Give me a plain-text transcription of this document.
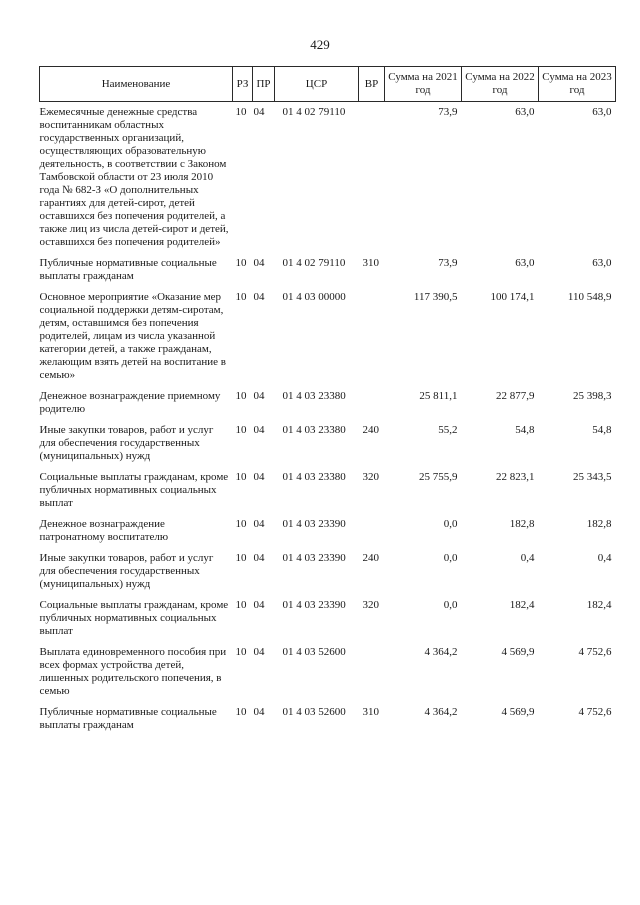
429
Наименование	РЗ	ПР	ЦСР	ВР	Сумма на 2021 год	Сумма на 2022 год	Сумма на 2023 год
Ежемесячные денежные средства воспитанникам областных государственных организаций, осуществляющих образовательную деятельность, в соответствии с Законом Тамбовской области от 23 июля 2010 года № 682-З «О дополнительных гарантиях для детей-сирот, детей оставшихся без попечения родителей, а также лиц из числа детей-сирот и детей, оставшихся без попечения родителей»	10	04	01 4 02 79110		73,9	63,0	63,0
Публичные нормативные социальные выплаты гражданам	10	04	01 4 02 79110	310	73,9	63,0	63,0
Основное мероприятие «Оказание мер социальной поддержки детям-сиротам, детям, оставшимся без попечения родителей, лицам из числа указанной категории детей, а также гражданам, желающим взять детей на воспитание в семью»	10	04	01 4 03 00000		117 390,5	100 174,1	110 548,9
Денежное вознаграждение приемному родителю	10	04	01 4 03 23380		25 811,1	22 877,9	25 398,3
Иные закупки товаров, работ и услуг для обеспечения государственных (муниципальных) нужд	10	04	01 4 03 23380	240	55,2	54,8	54,8
Социальные выплаты гражданам, кроме публичных нормативных социальных выплат	10	04	01 4 03 23380	320	25 755,9	22 823,1	25 343,5
Денежное вознаграждение патронатному воспитателю	10	04	01 4 03 23390		0,0	182,8	182,8
Иные закупки товаров, работ и услуг для обеспечения государственных (муниципальных) нужд	10	04	01 4 03 23390	240	0,0	0,4	0,4
Социальные выплаты гражданам, кроме публичных нормативных социальных выплат	10	04	01 4 03 23390	320	0,0	182,4	182,4
Выплата единовременного пособия при всех формах устройства детей, лишенных родительского попечения, в семью	10	04	01 4 03 52600		4 364,2	4 569,9	4 752,6
Публичные нормативные социальные выплаты гражданам	10	04	01 4 03 52600	310	4 364,2	4 569,9	4 752,6
